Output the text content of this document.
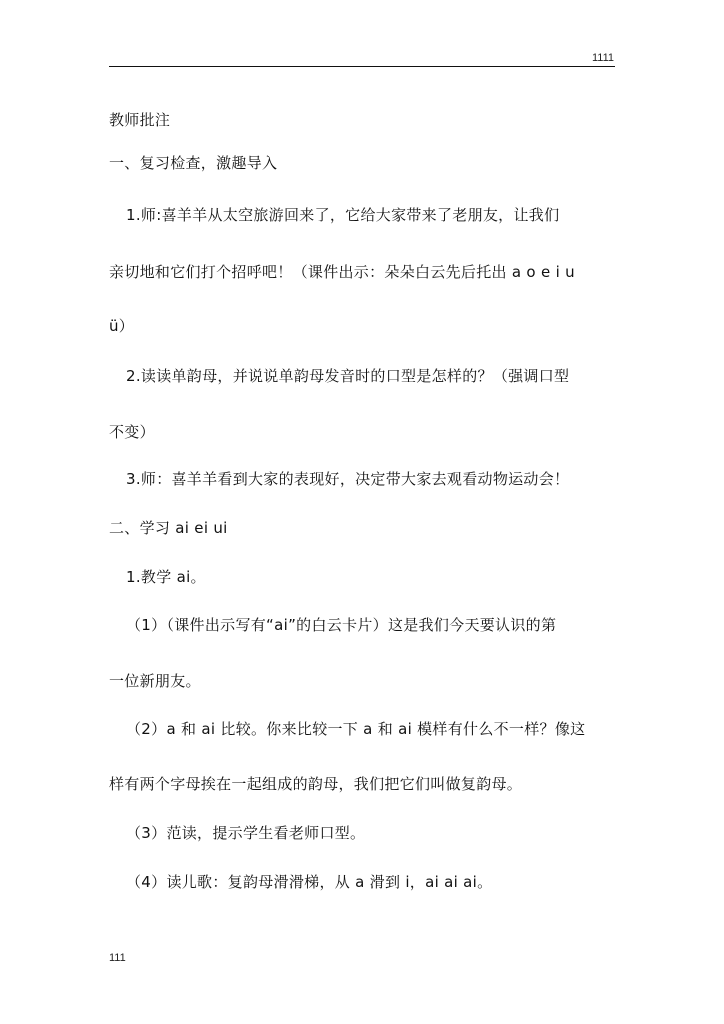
1111
教师批注
一、复习检查，激趣导入
1.师:喜羊羊从太空旅游回来了，它给大家带来了老朋友，让我们
亲切地和它们打个招呼吧！（课件出示：朵朵白云先后托出 a o e i u
ü）
2.读读单韵母，并说说单韵母发音时的口型是怎样的？（强调口型
不变）
3.师：喜羊羊看到大家的表现好，决定带大家去观看动物运动会！
二、学习 ai ei ui
1.教学 ai。
（1）（课件出示写有“ai”的白云卡片）这是我们今天要认识的第
一位新朋友。
（2）a 和 ai 比较。你来比较一下 a 和 ai 模样有什么不一样？像这
样有两个字母挨在一起组成的韵母，我们把它们叫做复韵母。
（3）范读，提示学生看老师口型。
（4）读儿歌：复韵母滑滑梯，从 a 滑到 i，ai ai ai。
111
